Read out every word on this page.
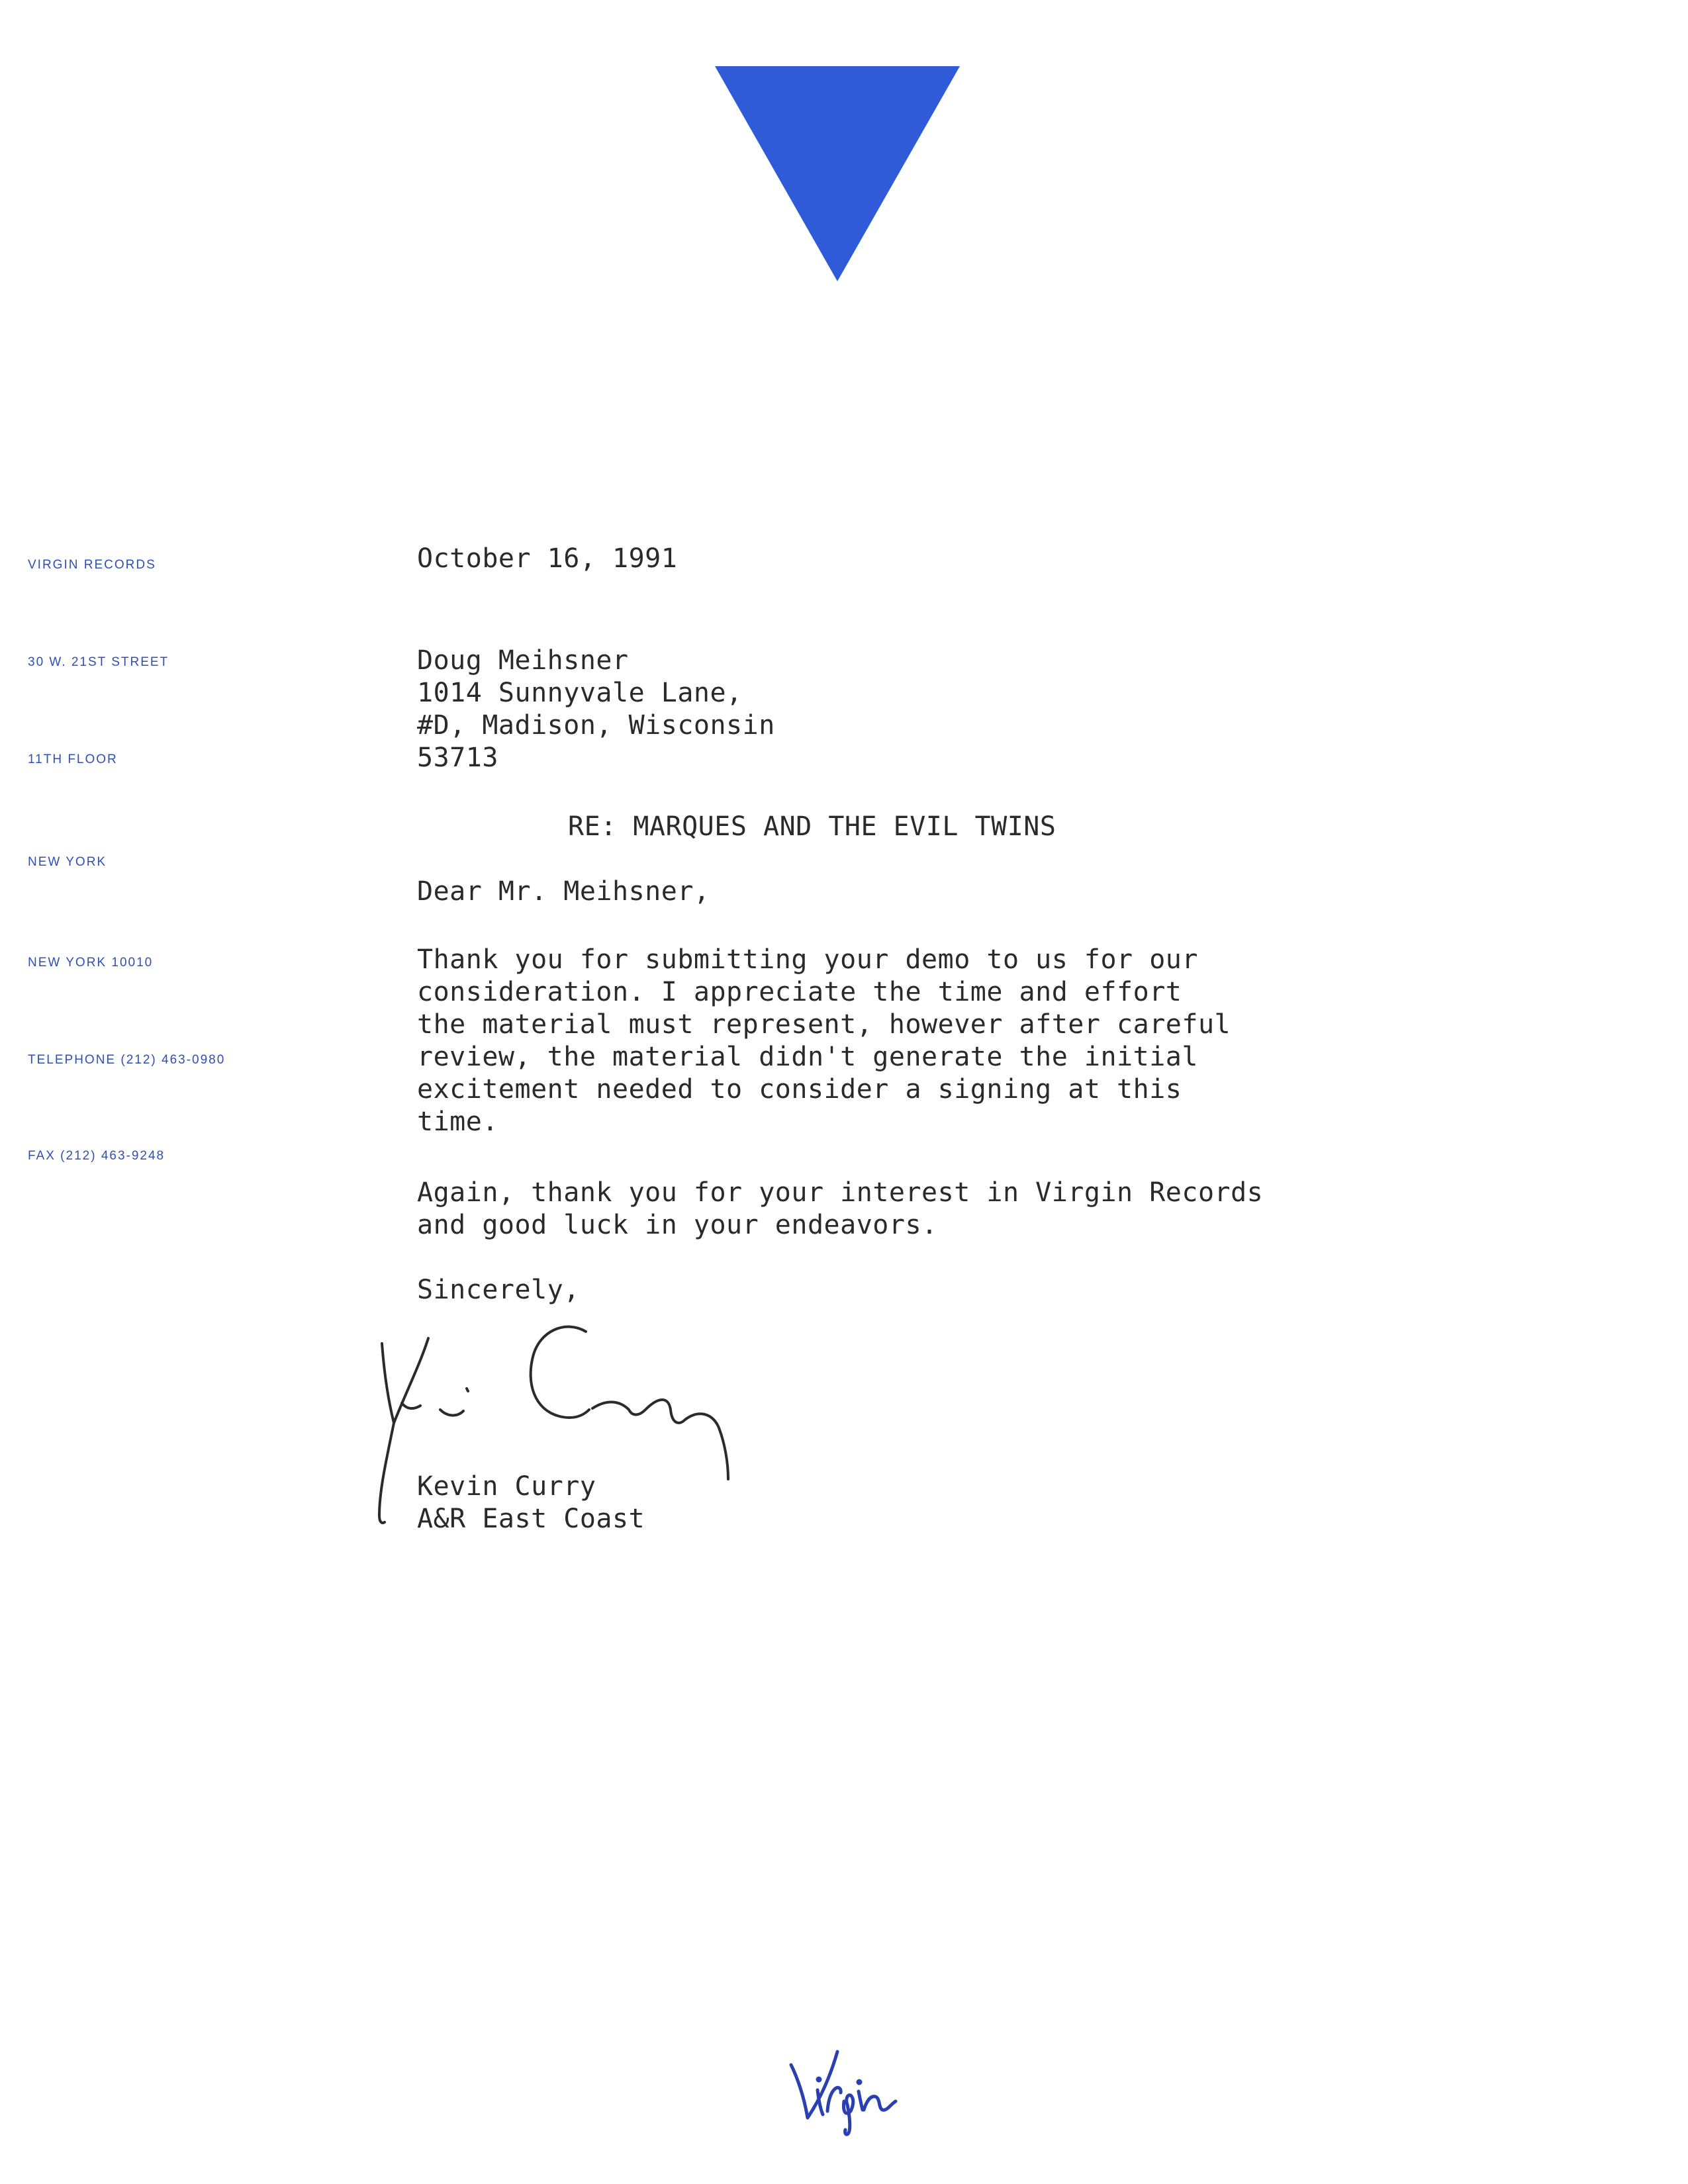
VIRGIN RECORDS
30 W. 21ST STREET
11TH FLOOR
NEW YORK
NEW YORK 10010
TELEPHONE (212) 463-0980
FAX (212) 463-9248
October 16, 1991
Doug Meihsner
1014 Sunnyvale Lane,
#D, Madison, Wisconsin
53713
RE: MARQUES AND THE EVIL TWINS
Dear Mr. Meihsner,
Thank you for submitting your demo to us for our
consideration. I appreciate the time and effort
the material must represent, however after careful
review, the material didn't generate the initial
excitement needed to consider a signing at this
time.
Again, thank you for your interest in Virgin Records
and good luck in your endeavors.
Sincerely,
Kevin Curry
A&R East Coast
